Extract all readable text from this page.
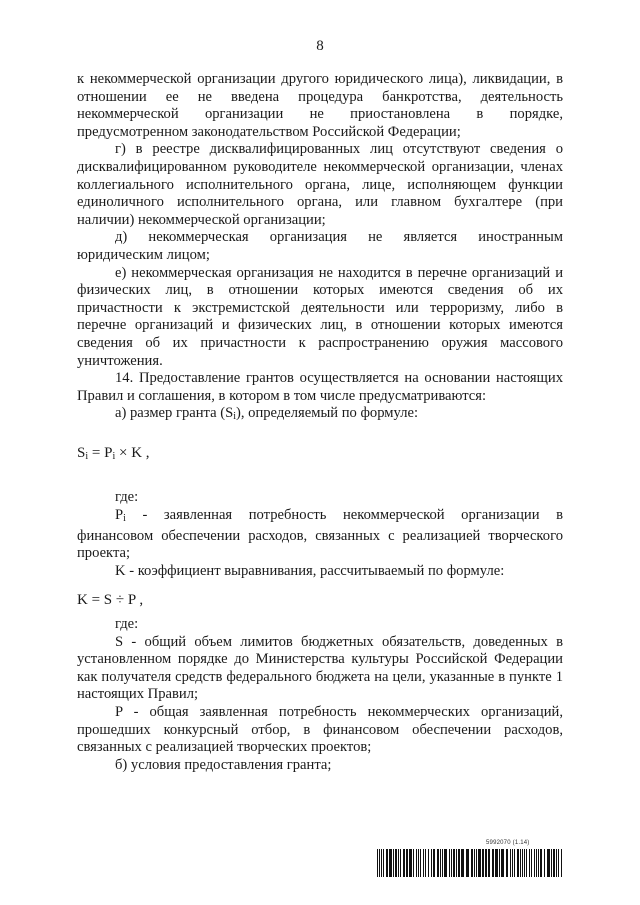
8

к некоммерческой организации другого юридического лица), ликвидации, в отношении ее не введена процедура банкротства, деятельность некоммерческой организации не приостановлена в порядке, предусмотренном законодательством Российской Федерации;

г) в реестре дисквалифицированных лиц отсутствуют сведения о дисквалифицированном руководителе некоммерческой организации, членах коллегиального исполнительного органа, лице, исполняющем функции единоличного исполнительного органа, или главном бухгалтере (при наличии) некоммерческой организации;

д) некоммерческая организация не является иностранным юридическим лицом;

е) некоммерческая организация не находится в перечне организаций и физических лиц, в отношении которых имеются сведения об их причастности к экстремистской деятельности или терроризму, либо в перечне организаций и физических лиц, в отношении которых имеются сведения об их причастности к распространению оружия массового уничтожения.

14. Предоставление грантов осуществляется на основании настоящих Правил и соглашения, в котором в том числе предусматриваются:

а) размер гранта $(S_i)$, определяемый по формуле:

$S_i = P_i \times K$ ,

где:

$P_i$ - заявленная потребность некоммерческой организации в финансовом обеспечении расходов, связанных с реализацией творческого проекта;

K - коэффициент выравнивания, рассчитываемый по формуле:

K = S ÷ P ,

где:

S - общий объем лимитов бюджетных обязательств, доведенных в установленном порядке до Министерства культуры Российской Федерации как получателя средств федерального бюджета на цели, указанные в пункте 1 настоящих Правил;

P - общая заявленная потребность некоммерческих организаций, прошедших конкурсный отбор, в финансовом обеспечении расходов, связанных с реализацией творческих проектов;

б) условия предоставления гранта;

5992070 (1.14)
